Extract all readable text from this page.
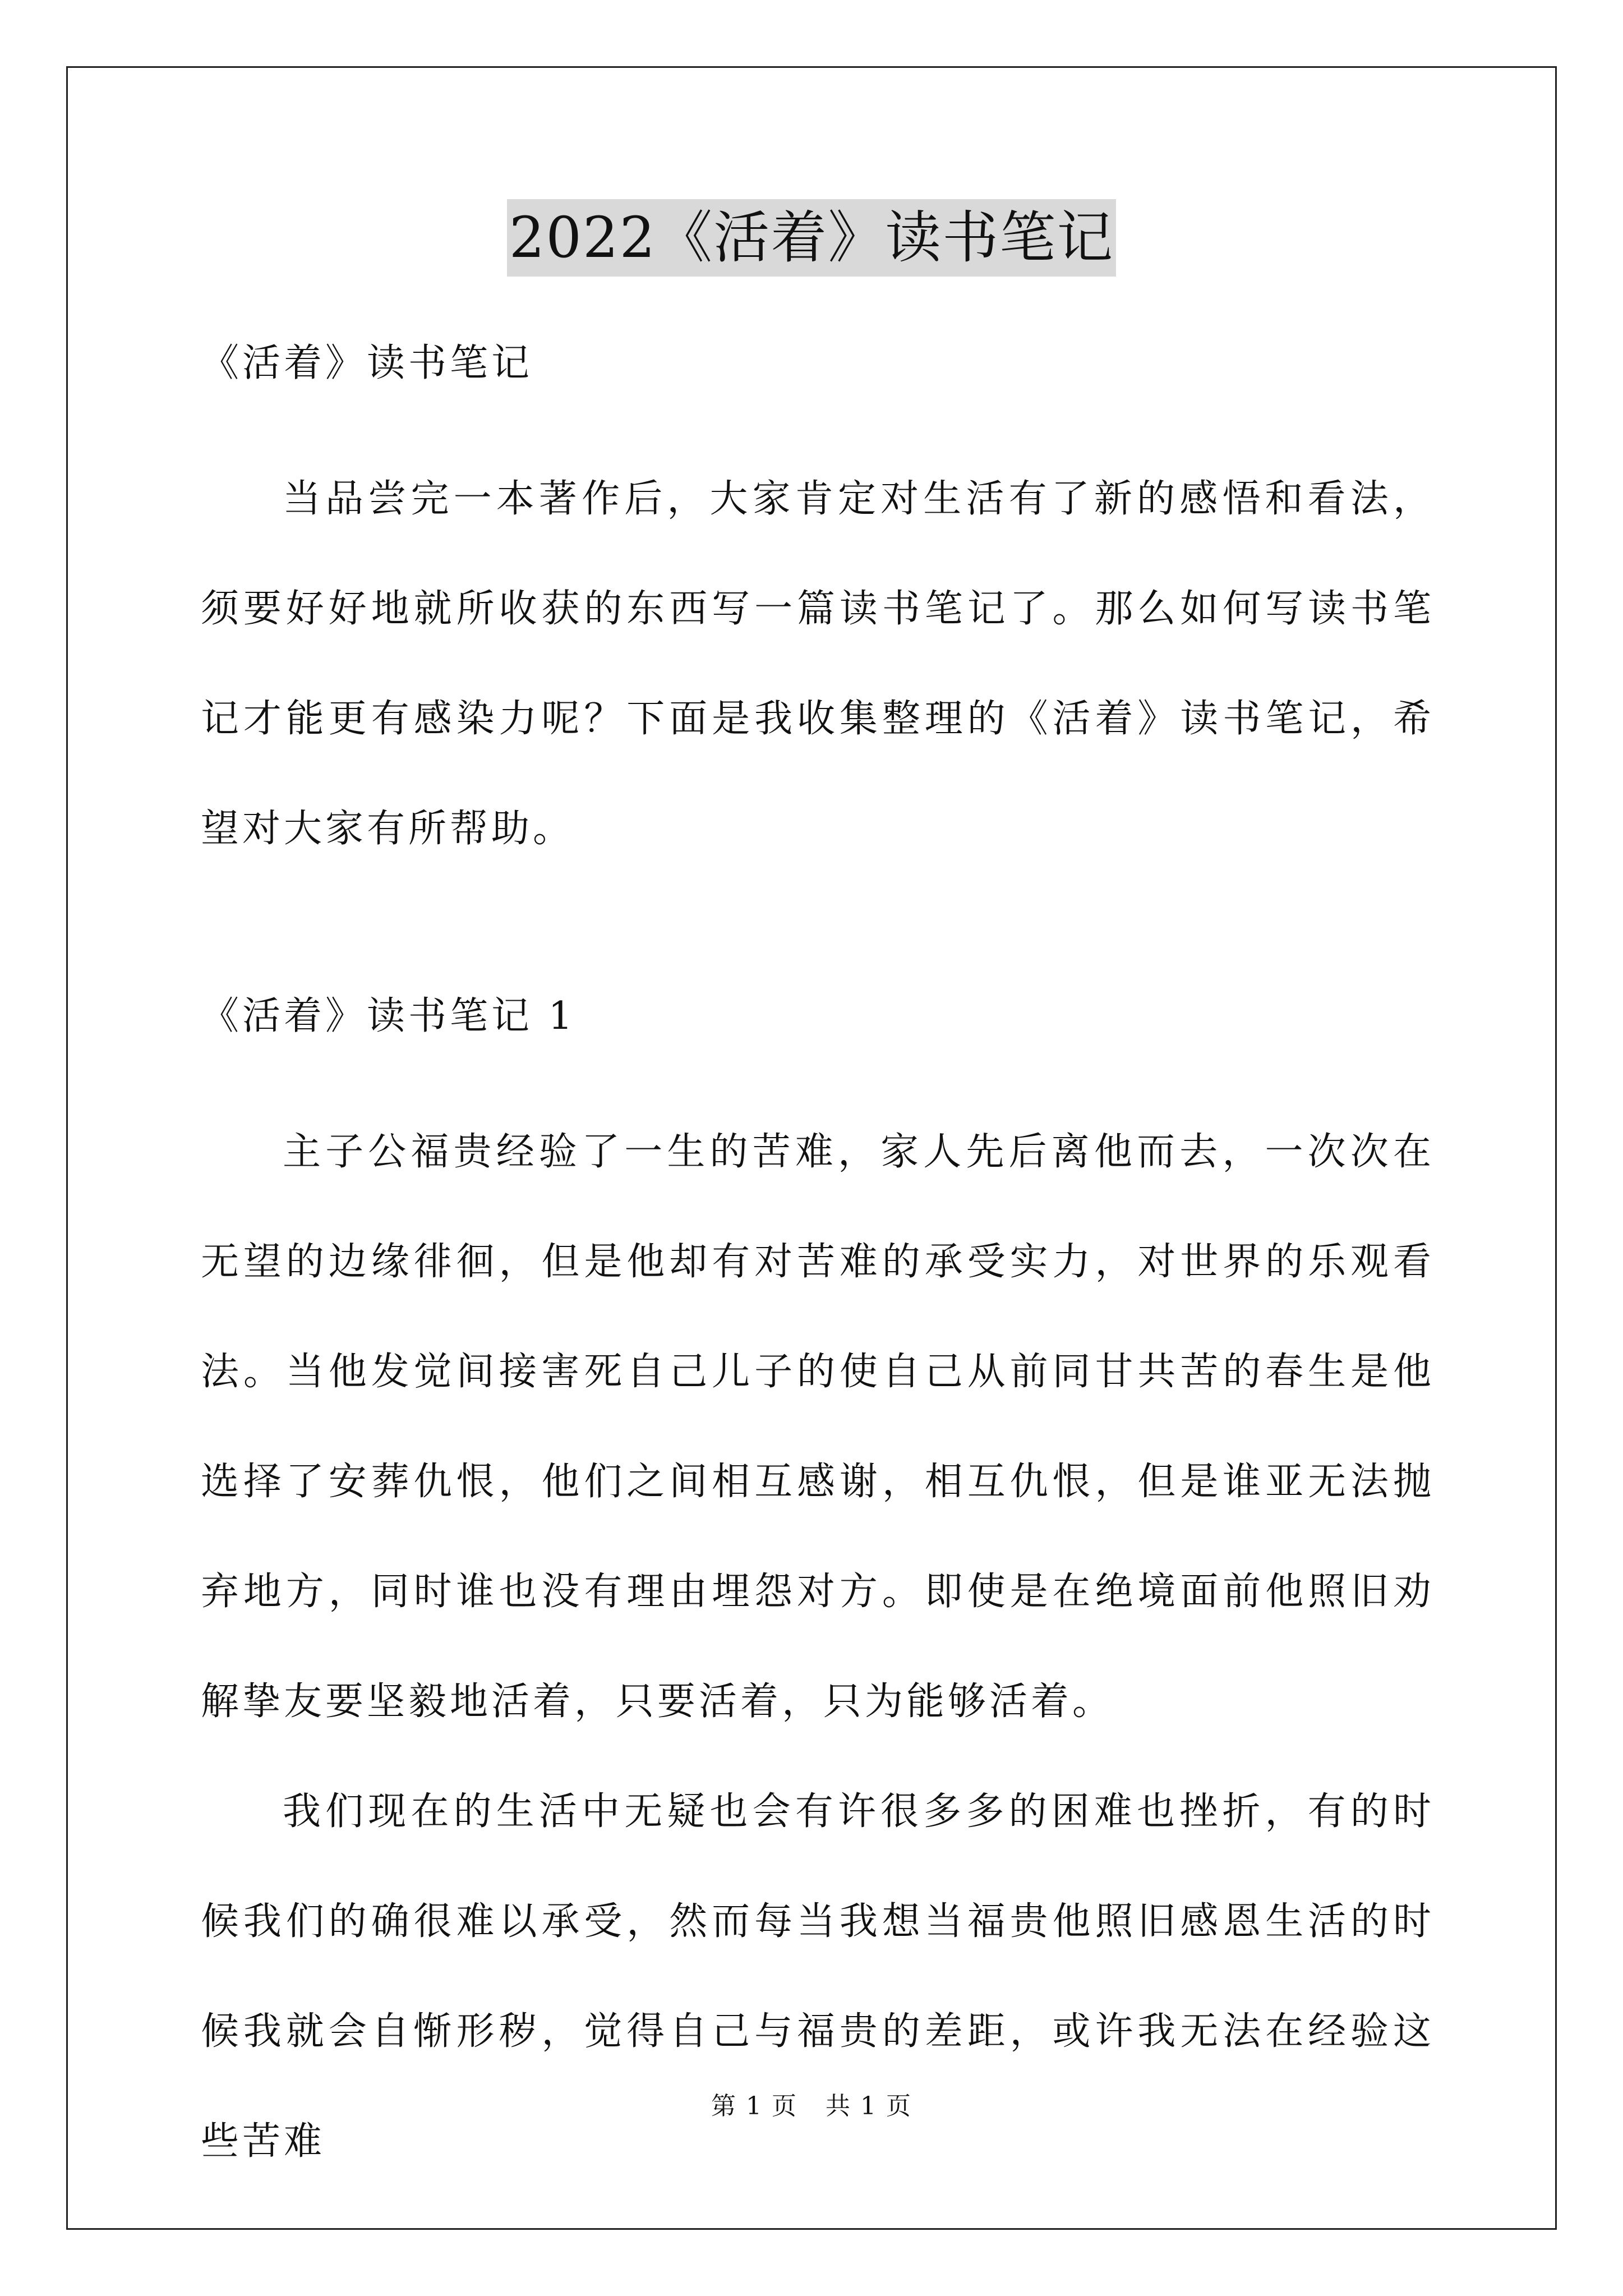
2022《活着》读书笔记

《活着》读书笔记

当品尝完一本著作后，大家肯定对生活有了新的感悟和看法，须要好好地就所收获的东西写一篇读书笔记了。那么如何写读书笔记才能更有感染力呢？下面是我收集整理的《活着》读书笔记，希望对大家有所帮助。

《活着》读书笔记 1

主子公福贵经验了一生的苦难，家人先后离他而去，一次次在无望的边缘徘徊，但是他却有对苦难的承受实力，对世界的乐观看法。当他发觉间接害死自己儿子的使自己从前同甘共苦的春生是他选择了安葬仇恨，他们之间相互感谢，相互仇恨，但是谁亚无法抛弃地方，同时谁也没有理由埋怨对方。即使是在绝境面前他照旧劝解挚友要坚毅地活着，只要活着，只为能够活着。

我们现在的生活中无疑也会有许很多多的困难也挫折，有的时候我们的确很难以承受，然而每当我想当福贵他照旧感恩生活的时候我就会自惭形秽，觉得自己与福贵的差距，或许我无法在经验这些苦难

第 1 页 共 1 页
